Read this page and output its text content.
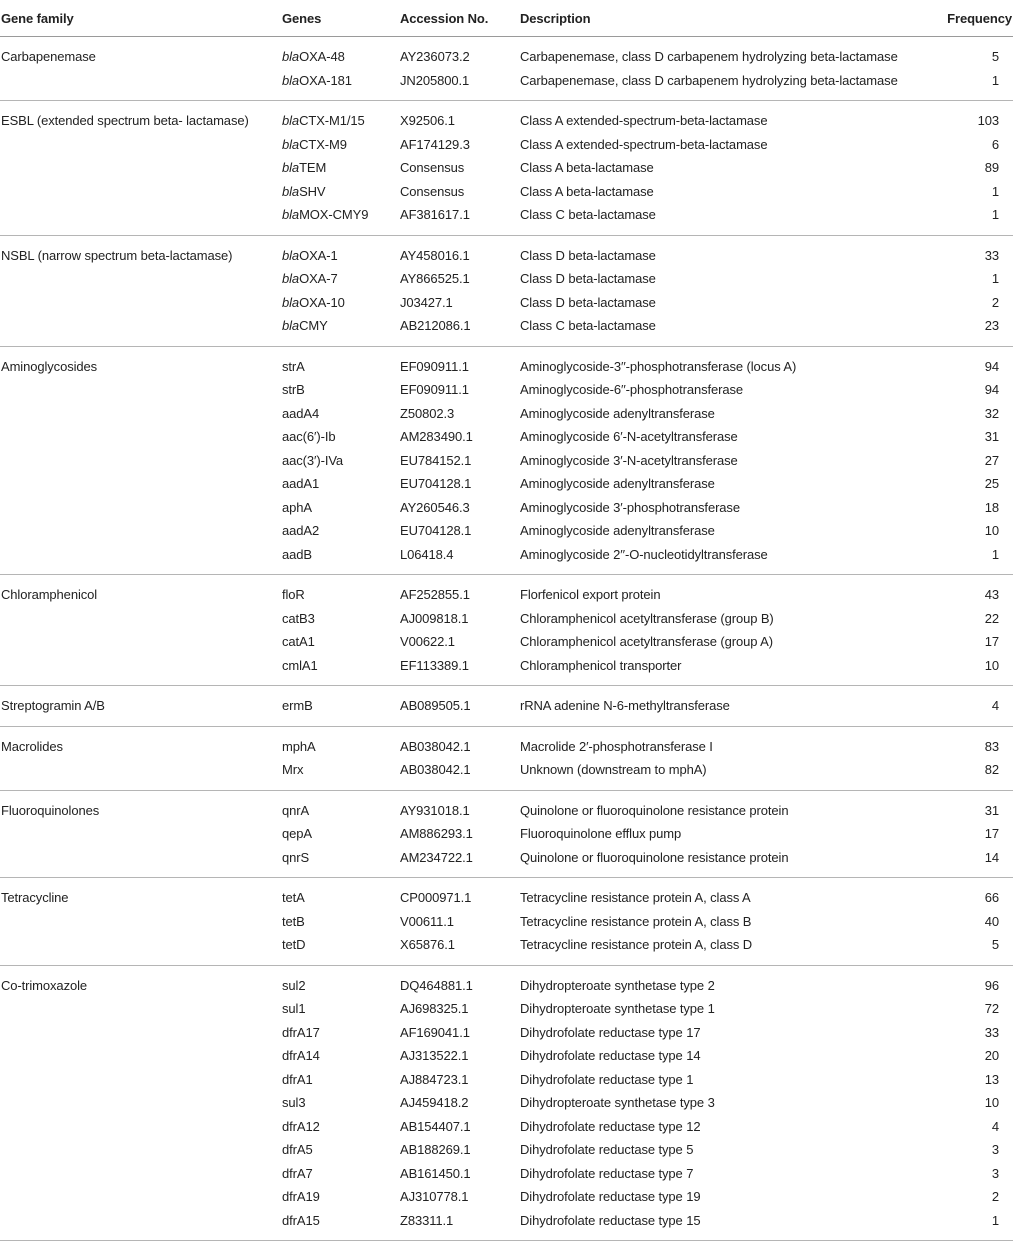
Gene family	Genes	Accession No.	Description	Frequency
Carbapenemase	blaOXA-48	AY236073.2	Carbapenemase, class D carbapenem hydrolyzing beta-lactamase	5
	blaOXA-181	JN205800.1	Carbapenemase, class D carbapenem hydrolyzing beta-lactamase	1
ESBL (extended spectrum beta- lactamase)	blaCTX-M1/15	X92506.1	Class A extended-spectrum-beta-lactamase	103
	blaCTX-M9	AF174129.3	Class A extended-spectrum-beta-lactamase	6
	blaTEM	Consensus	Class A beta-lactamase	89
	blaSHV	Consensus	Class A beta-lactamase	1
	blaMOX-CMY9	AF381617.1	Class C beta-lactamase	1
NSBL (narrow spectrum beta-lactamase)	blaOXA-1	AY458016.1	Class D beta-lactamase	33
	blaOXA-7	AY866525.1	Class D beta-lactamase	1
	blaOXA-10	J03427.1	Class D beta-lactamase	2
	blaCMY	AB212086.1	Class C beta-lactamase	23
Aminoglycosides	strA	EF090911.1	Aminoglycoside-3′′-phosphotransferase (locus A)	94
	strB	EF090911.1	Aminoglycoside-6′′-phosphotransferase	94
	aadA4	Z50802.3	Aminoglycoside adenyltransferase	32
	aac(6′)-Ib	AM283490.1	Aminoglycoside 6′-N-acetyltransferase	31
	aac(3′)-IVa	EU784152.1	Aminoglycoside 3′-N-acetyltransferase	27
	aadA1	EU704128.1	Aminoglycoside adenyltransferase	25
	aphA	AY260546.3	Aminoglycoside 3′-phosphotransferase	18
	aadA2	EU704128.1	Aminoglycoside adenyltransferase	10
	aadB	L06418.4	Aminoglycoside 2′′-O-nucleotidyltransferase	1
Chloramphenicol	floR	AF252855.1	Florfenicol export protein	43
	catB3	AJ009818.1	Chloramphenicol acetyltransferase (group B)	22
	catA1	V00622.1	Chloramphenicol acetyltransferase (group A)	17
	cmlA1	EF113389.1	Chloramphenicol transporter	10
Streptogramin A/B	ermB	AB089505.1	rRNA adenine N-6-methyltransferase	4
Macrolides	mphA	AB038042.1	Macrolide 2′-phosphotransferase I	83
	Mrx	AB038042.1	Unknown (downstream to mphA)	82
Fluoroquinolones	qnrA	AY931018.1	Quinolone or fluoroquinolone resistance protein	31
	qepA	AM886293.1	Fluoroquinolone efflux pump	17
	qnrS	AM234722.1	Quinolone or fluoroquinolone resistance protein	14
Tetracycline	tetA	CP000971.1	Tetracycline resistance protein A, class A	66
	tetB	V00611.1	Tetracycline resistance protein A, class B	40
	tetD	X65876.1	Tetracycline resistance protein A, class D	5
Co-trimoxazole	sul2	DQ464881.1	Dihydropteroate synthetase type 2	96
	sul1	AJ698325.1	Dihydropteroate synthetase type 1	72
	dfrA17	AF169041.1	Dihydrofolate reductase type 17	33
	dfrA14	AJ313522.1	Dihydrofolate reductase type 14	20
	dfrA1	AJ884723.1	Dihydrofolate reductase type 1	13
	sul3	AJ459418.2	Dihydropteroate synthetase type 3	10
	dfrA12	AB154407.1	Dihydrofolate reductase type 12	4
	dfrA5	AB188269.1	Dihydrofolate reductase type 5	3
	dfrA7	AB161450.1	Dihydrofolate reductase type 7	3
	dfrA19	AJ310778.1	Dihydrofolate reductase type 19	2
	dfrA15	Z83311.1	Dihydrofolate reductase type 15	1
